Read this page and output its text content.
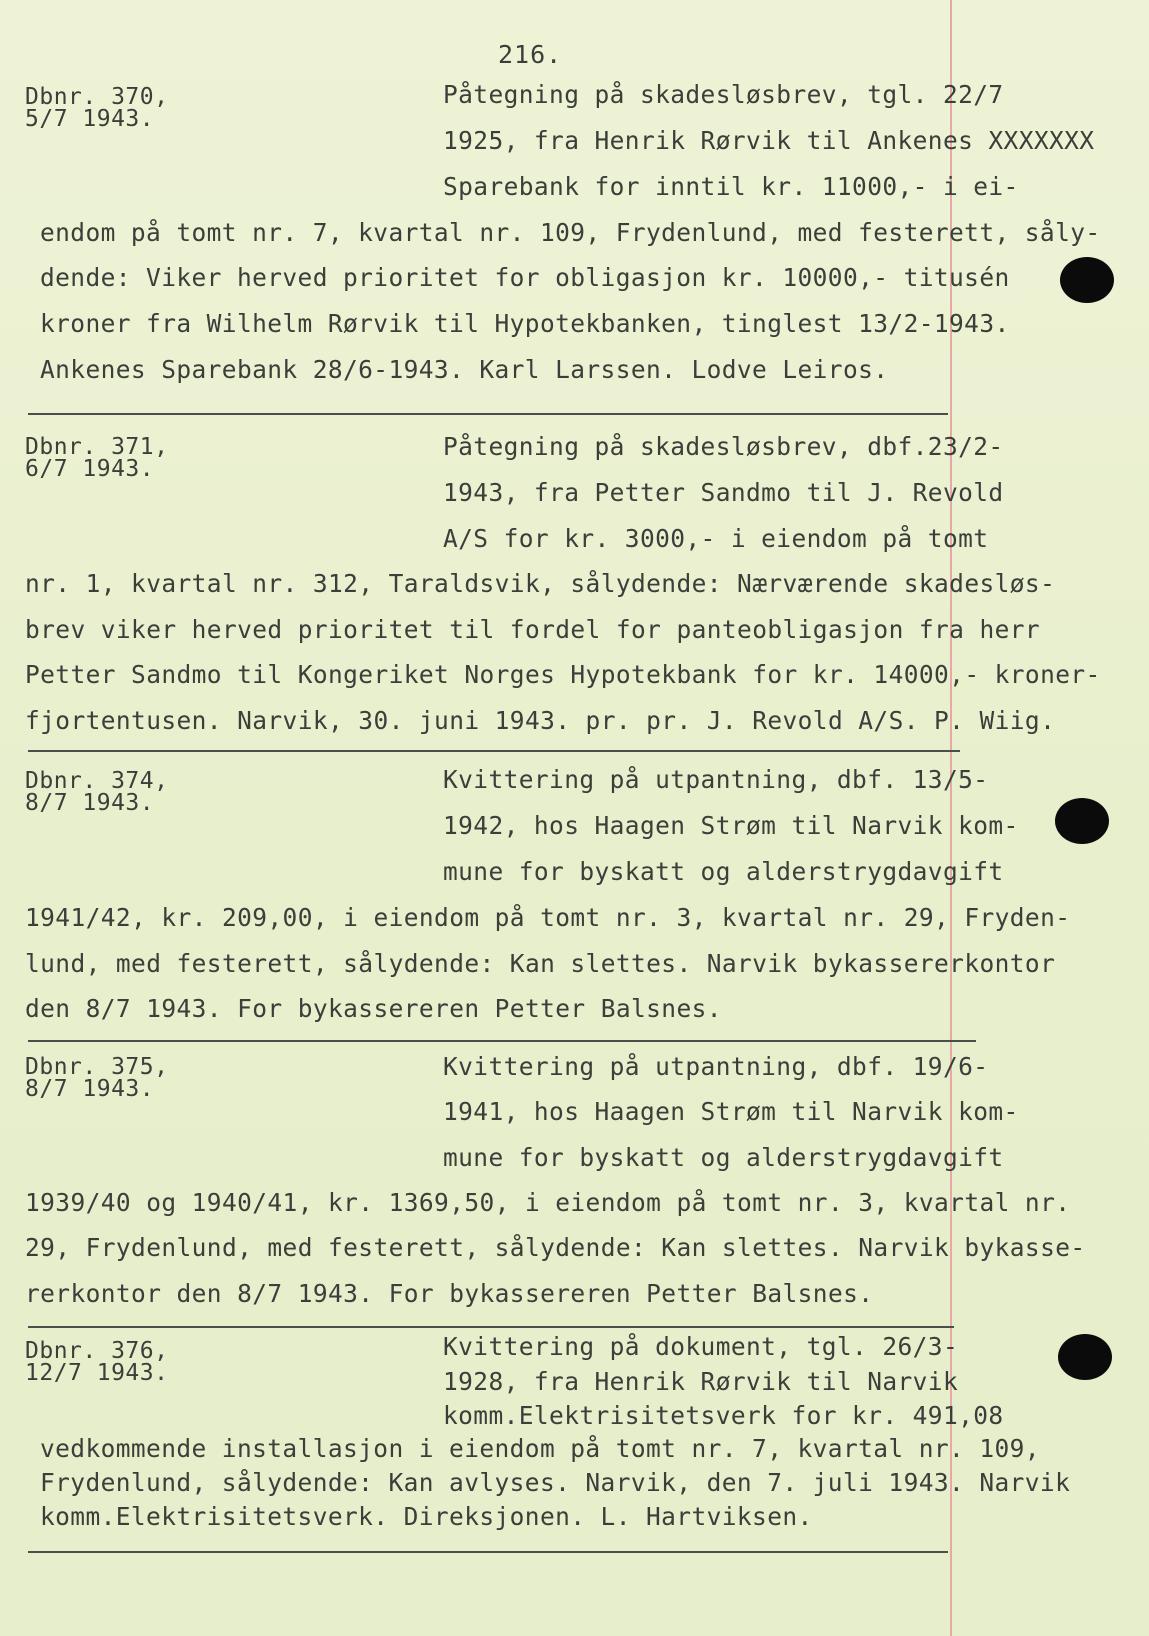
216.
Dbnr. 370,
5/7 1943.
Påtegning på skadesløsbrev, tgl. 22/7
1925, fra Henrik Rørvik til Ankenes XXXXXXX
Sparebank for inntil kr. 11000,- i ei-
endom på tomt nr. 7, kvartal nr. 109, Frydenlund, med festerett, såly-
dende: Viker herved prioritet for obligasjon kr. 10000,- titusén
kroner fra Wilhelm Rørvik til Hypotekbanken, tinglest 13/2-1943.
Ankenes Sparebank 28/6-1943. Karl Larssen. Lodve Leiros.
Dbnr. 371,
6/7 1943.
Påtegning på skadesløsbrev, dbf.23/2-
1943, fra Petter Sandmo til J. Revold
A/S for kr. 3000,- i eiendom på tomt
nr. 1, kvartal nr. 312, Taraldsvik, sålydende: Nærværende skadesløs-
brev viker herved prioritet til fordel for panteobligasjon fra herr
Petter Sandmo til Kongeriket Norges Hypotekbank for kr. 14000,- kroner-
fjortentusen. Narvik, 30. juni 1943. pr. pr. J. Revold A/S. P. Wiig.
Dbnr. 374,
8/7 1943.
Kvittering på utpantning, dbf. 13/5-
1942, hos Haagen Strøm til Narvik kom-
mune for byskatt og alderstrygdavgift
1941/42, kr. 209,00, i eiendom på tomt nr. 3, kvartal nr. 29, Fryden-
lund, med festerett, sålydende: Kan slettes. Narvik bykassererkontor
den 8/7 1943. For bykassereren Petter Balsnes.
Dbnr. 375,
8/7 1943.
Kvittering på utpantning, dbf. 19/6-
1941, hos Haagen Strøm til Narvik kom-
mune for byskatt og alderstrygdavgift
1939/40 og 1940/41, kr. 1369,50, i eiendom på tomt nr. 3, kvartal nr.
29, Frydenlund, med festerett, sålydende: Kan slettes. Narvik bykasse-
rerkontor den 8/7 1943. For bykassereren Petter Balsnes.
Dbnr. 376,
12/7 1943.
Kvittering på dokument, tgl. 26/3-
1928, fra Henrik Rørvik til Narvik
komm.Elektrisitetsverk for kr. 491,08
vedkommende installasjon i eiendom på tomt nr. 7, kvartal nr. 109,
Frydenlund, sålydende: Kan avlyses. Narvik, den 7. juli 1943. Narvik
komm.Elektrisitetsverk. Direksjonen. L. Hartviksen.
